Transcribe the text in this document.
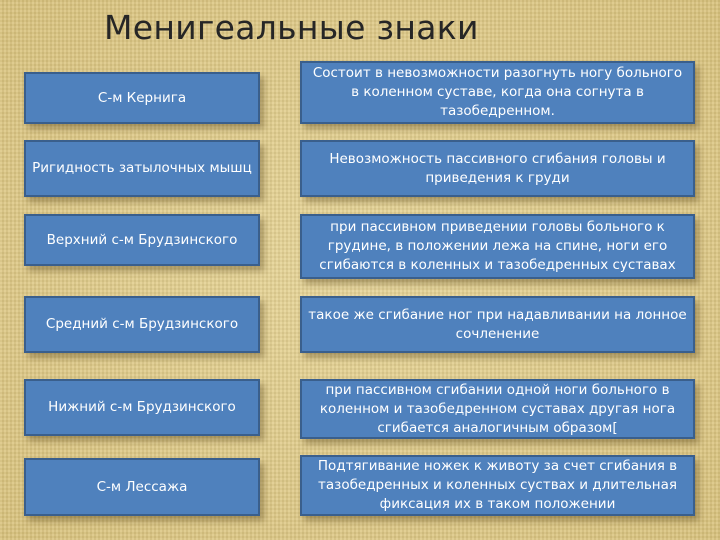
Менигеальные знаки
С-м Кернига
Состоит в невозможности разогнуть ногу больного в коленном суставе, когда она согнута в тазобедренном.
Ригидность затылочных мышц
Невозможность пассивного сгибания головы и приведения к груди
Верхний с-м Брудзинского
при пассивном приведении головы больного к грудине, в положении лежа на спине, ноги его сгибаются в коленных и тазобедренных суставах
Средний с-м Брудзинского
такое же сгибание ног при надавливании на лонное сочленение
Нижний с-м Брудзинского
при пассивном сгибании одной ноги больного в коленном и тазобедренном суставах другая нога сгибается аналогичным образом[
С-м Лессажа
Подтягивание ножек к животу за счет сгибания в тазобедренных и коленных суствах и длительная фиксация их в таком положении
